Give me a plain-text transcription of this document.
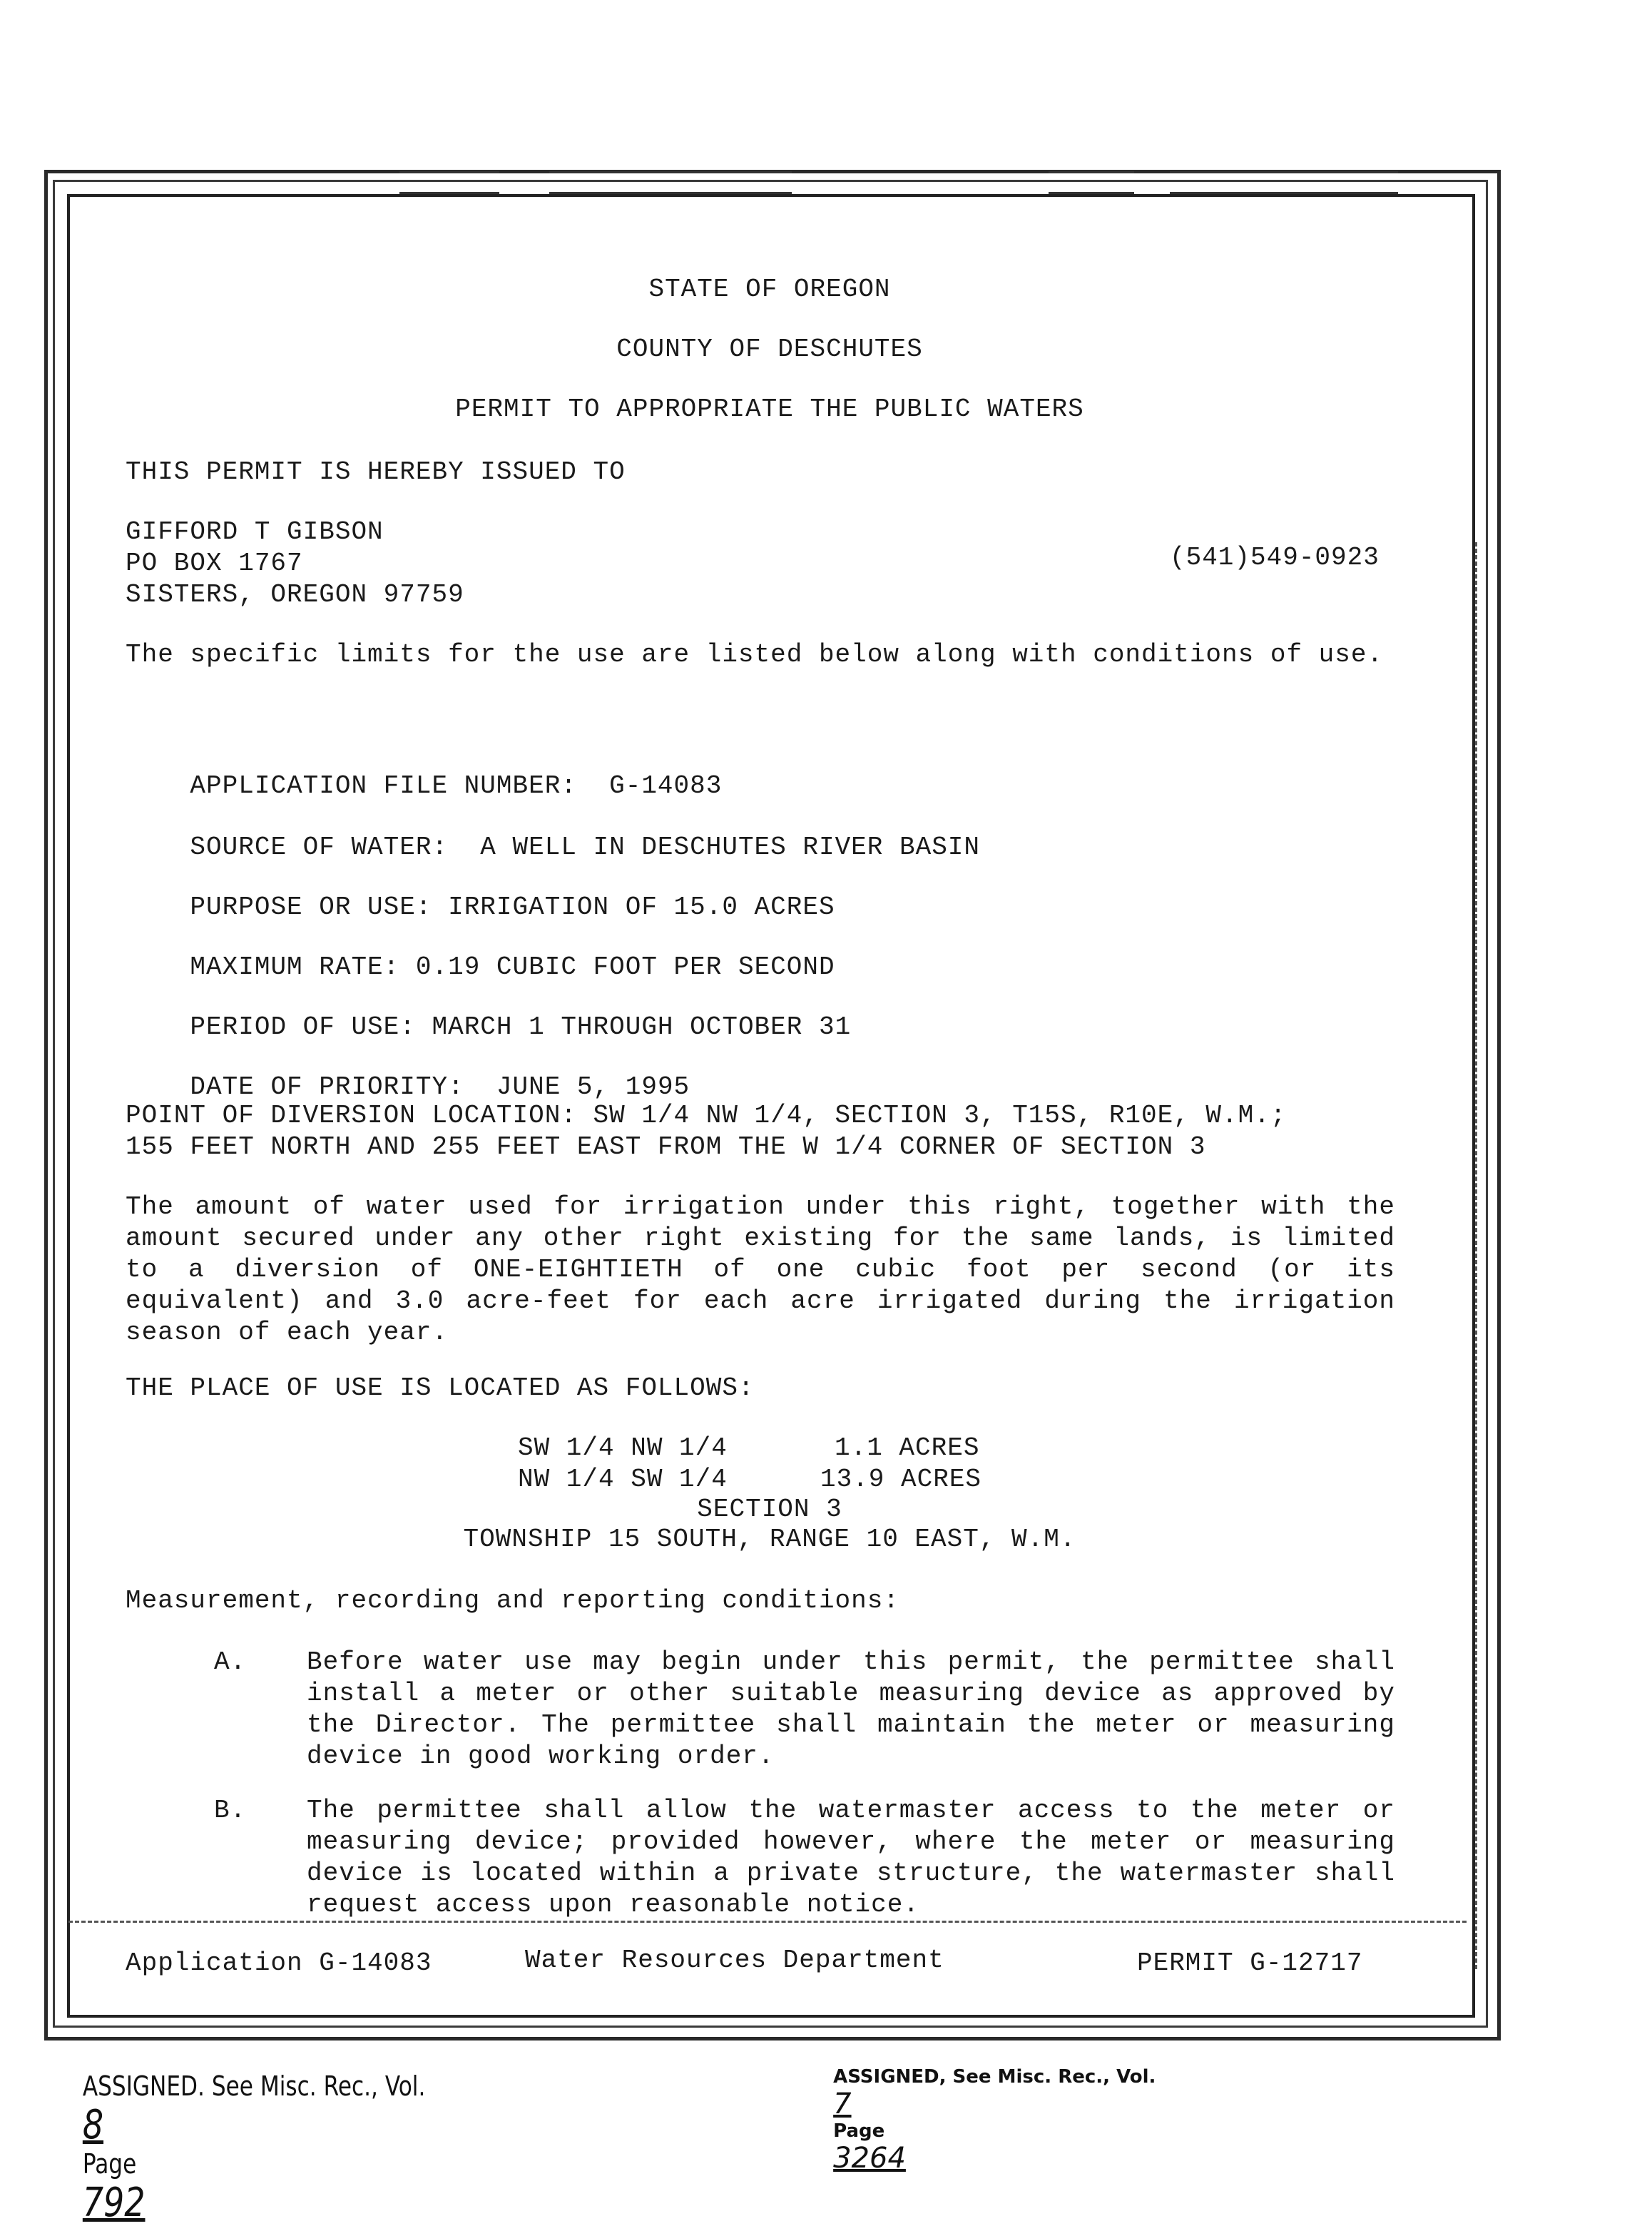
STATE OF OREGON
COUNTY OF DESCHUTES
PERMIT TO APPROPRIATE THE PUBLIC WATERS
THIS PERMIT IS HEREBY ISSUED TO
GIFFORD T GIBSON
PO BOX 1767
SISTERS, OREGON 97759
(541)549-0923
The specific limits for the use are listed below along with conditions of use.

APPLICATION FILE NUMBER: G-14083

SOURCE OF WATER: A WELL IN DESCHUTES RIVER BASIN

PURPOSE OR USE: IRRIGATION OF 15.0 ACRES

MAXIMUM RATE: 0.19 CUBIC FOOT PER SECOND

PERIOD OF USE: MARCH 1 THROUGH OCTOBER 31

DATE OF PRIORITY: JUNE 5, 1995

POINT OF DIVERSION LOCATION: SW 1/4 NW 1/4, SECTION 3, T15S, R10E, W.M.;
155 FEET NORTH AND 255 FEET EAST FROM THE W 1/4 CORNER OF SECTION 3
The amount of water used for irrigation under this right, together with the amount secured under any other right existing for the same lands, is limited to a diversion of ONE-EIGHTIETH of one cubic foot per second (or its equivalent) and 3.0 acre-feet for each acre irrigated during the irrigation season of each year.
THE PLACE OF USE IS LOCATED AS FOLLOWS:
SW 1/4 NW 1/4	1.1 ACRES
NW 1/4 SW 1/4	13.9 ACRES
SECTION 3
TOWNSHIP 15 SOUTH, RANGE 10 EAST, W.M.
Measurement, recording and reporting conditions:
A. Before water use may begin under this permit, the permittee shall install a meter or other suitable measuring device as approved by the Director. The permittee shall maintain the meter or measuring device in good working order.
B. The permittee shall allow the watermaster access to the meter or measuring device; provided however, where the meter or measuring device is located within a private structure, the watermaster shall request access upon reasonable notice.
Application G-14083	Water Resources Department	PERMIT G-12717

ASSIGNED. See Misc. Rec., Vol.
8
Page
792

ASSIGNED, See Misc. Rec., Vol.
7
Page
3264
